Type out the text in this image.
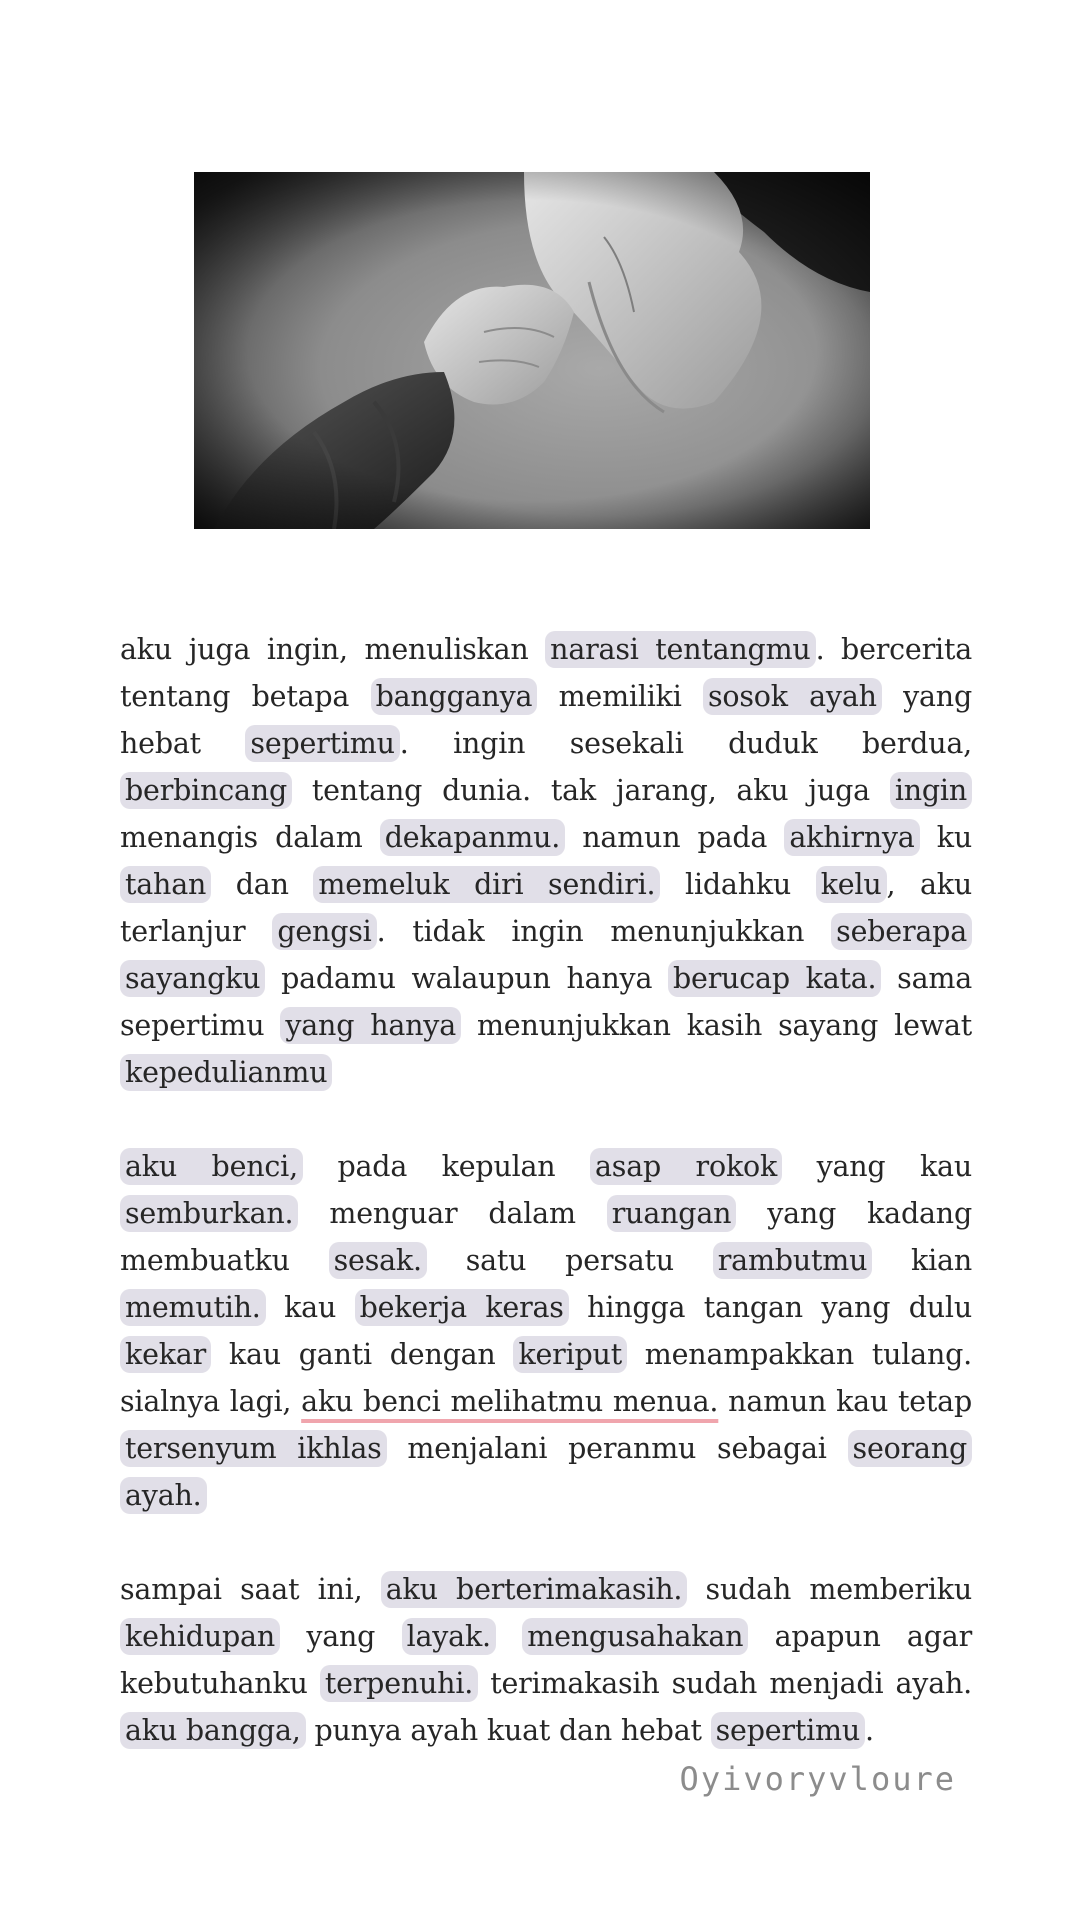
aku juga ingin, menuliskan narasi tentangmu . bercerita tentang betapa bangganya memiliki sosok ayah yang hebat sepertimu . ingin sesekali duduk berdua, berbincang tentang dunia. tak jarang, aku juga ingin menangis dalam dekapanmu. namun pada akhirnya ku tahan dan memeluk diri sendiri. lidahku kelu , aku terlanjur gengsi . tidak ingin menunjukkan seberapa sayangku padamu walaupun hanya berucap kata. sama sepertimu yang hanya menunjukkan kasih sayang lewat kepedulianmu

aku benci, pada kepulan asap rokok yang kau semburkan. menguar dalam ruangan yang kadang membuatku sesak. satu persatu rambutmu kian memutih. kau bekerja keras hingga tangan yang dulu kekar kau ganti dengan keriput menampakkan tulang. sialnya lagi, aku benci melihatmu menua. namun kau tetap tersenyum ikhlas menjalani peranmu sebagai seorang ayah.

sampai saat ini, aku berterimakasih. sudah memberiku kehidupan yang layak. mengusahakan apapun agar kebutuhanku terpenuhi. terimakasih sudah menjadi ayah. aku bangga, punya ayah kuat dan hebat sepertimu .

Oyivoryvloure
